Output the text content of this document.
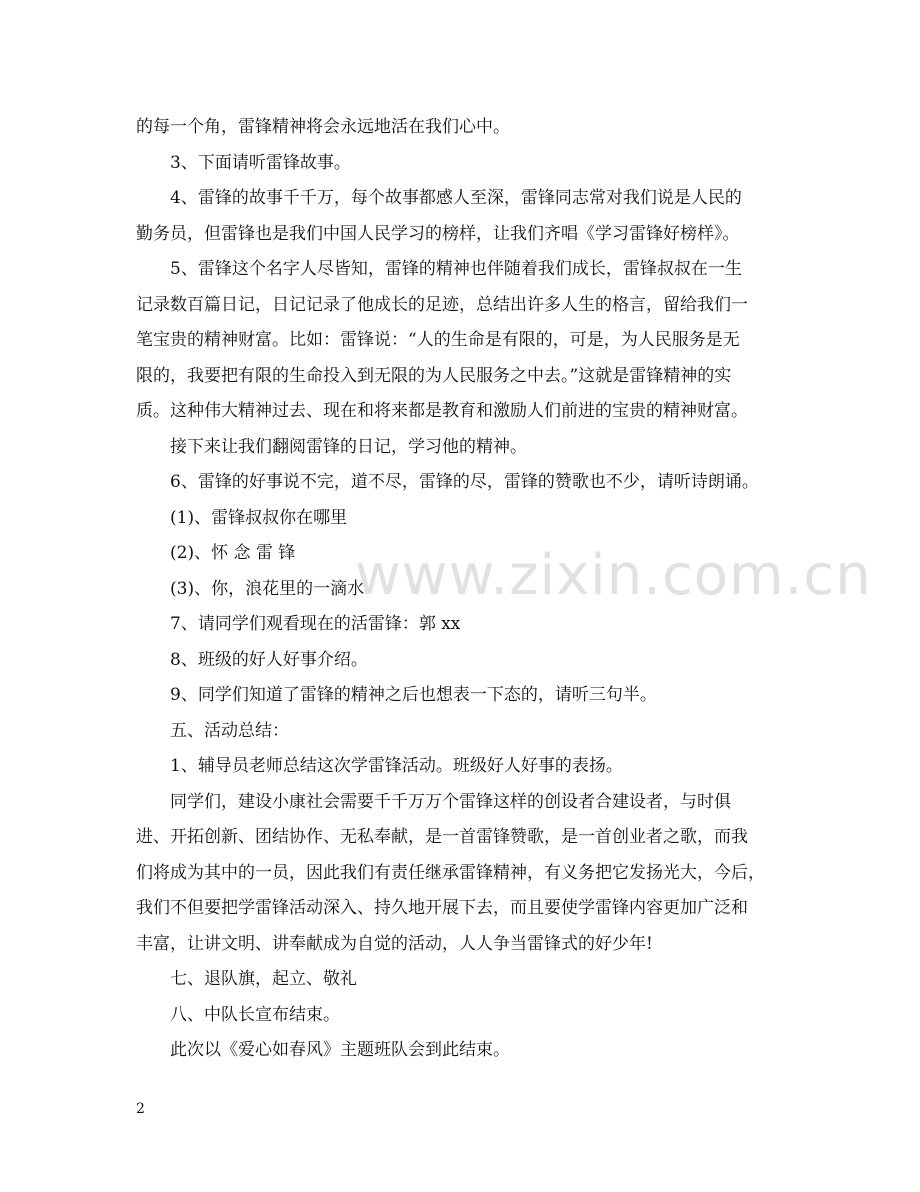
的每一个角，雷锋精神将会永远地活在我们心中。
3、下面请听雷锋故事。
4、雷锋的故事千千万，每个故事都感人至深，雷锋同志常对我们说是人民的
勤务员，但雷锋也是我们中国人民学习的榜样，让我们齐唱《学习雷锋好榜样》。
5、雷锋这个名字人尽皆知，雷锋的精神也伴随着我们成长，雷锋叔叔在一生
记录数百篇日记，日记记录了他成长的足迹，总结出许多人生的格言，留给我们一
笔宝贵的精神财富。比如：雷锋说：“人的生命是有限的，可是，为人民服务是无
限的，我要把有限的生命投入到无限的为人民服务之中去。”这就是雷锋精神的实
质。这种伟大精神过去、现在和将来都是教育和激励人们前进的宝贵的精神财富。
接下来让我们翻阅雷锋的日记，学习他的精神。
6、雷锋的好事说不完，道不尽，雷锋的尽，雷锋的赞歌也不少，请听诗朗诵。
(1)、雷锋叔叔你在哪里
(2)、怀 念 雷 锋
(3)、你，浪花里的一滴水
7、请同学们观看现在的活雷锋：郭 xx
8、班级的好人好事介绍。
9、同学们知道了雷锋的精神之后也想表一下态的，请听三句半。
五、活动总结：
1、辅导员老师总结这次学雷锋活动。班级好人好事的表扬。
同学们，建设小康社会需要千千万万个雷锋这样的创设者合建设者，与时俱
进、开拓创新、团结协作、无私奉献，是一首雷锋赞歌，是一首创业者之歌，而我
们将成为其中的一员，因此我们有责任继承雷锋精神，有义务把它发扬光大，今后，
我们不但要把学雷锋活动深入、持久地开展下去，而且要使学雷锋内容更加广泛和
丰富，让讲文明、讲奉献成为自觉的活动，人人争当雷锋式的好少年!
七、退队旗，起立、敬礼
八、中队长宣布结束。
此次以《爱心如春风》主题班队会到此结束。
www.zixin.com.cn
2
